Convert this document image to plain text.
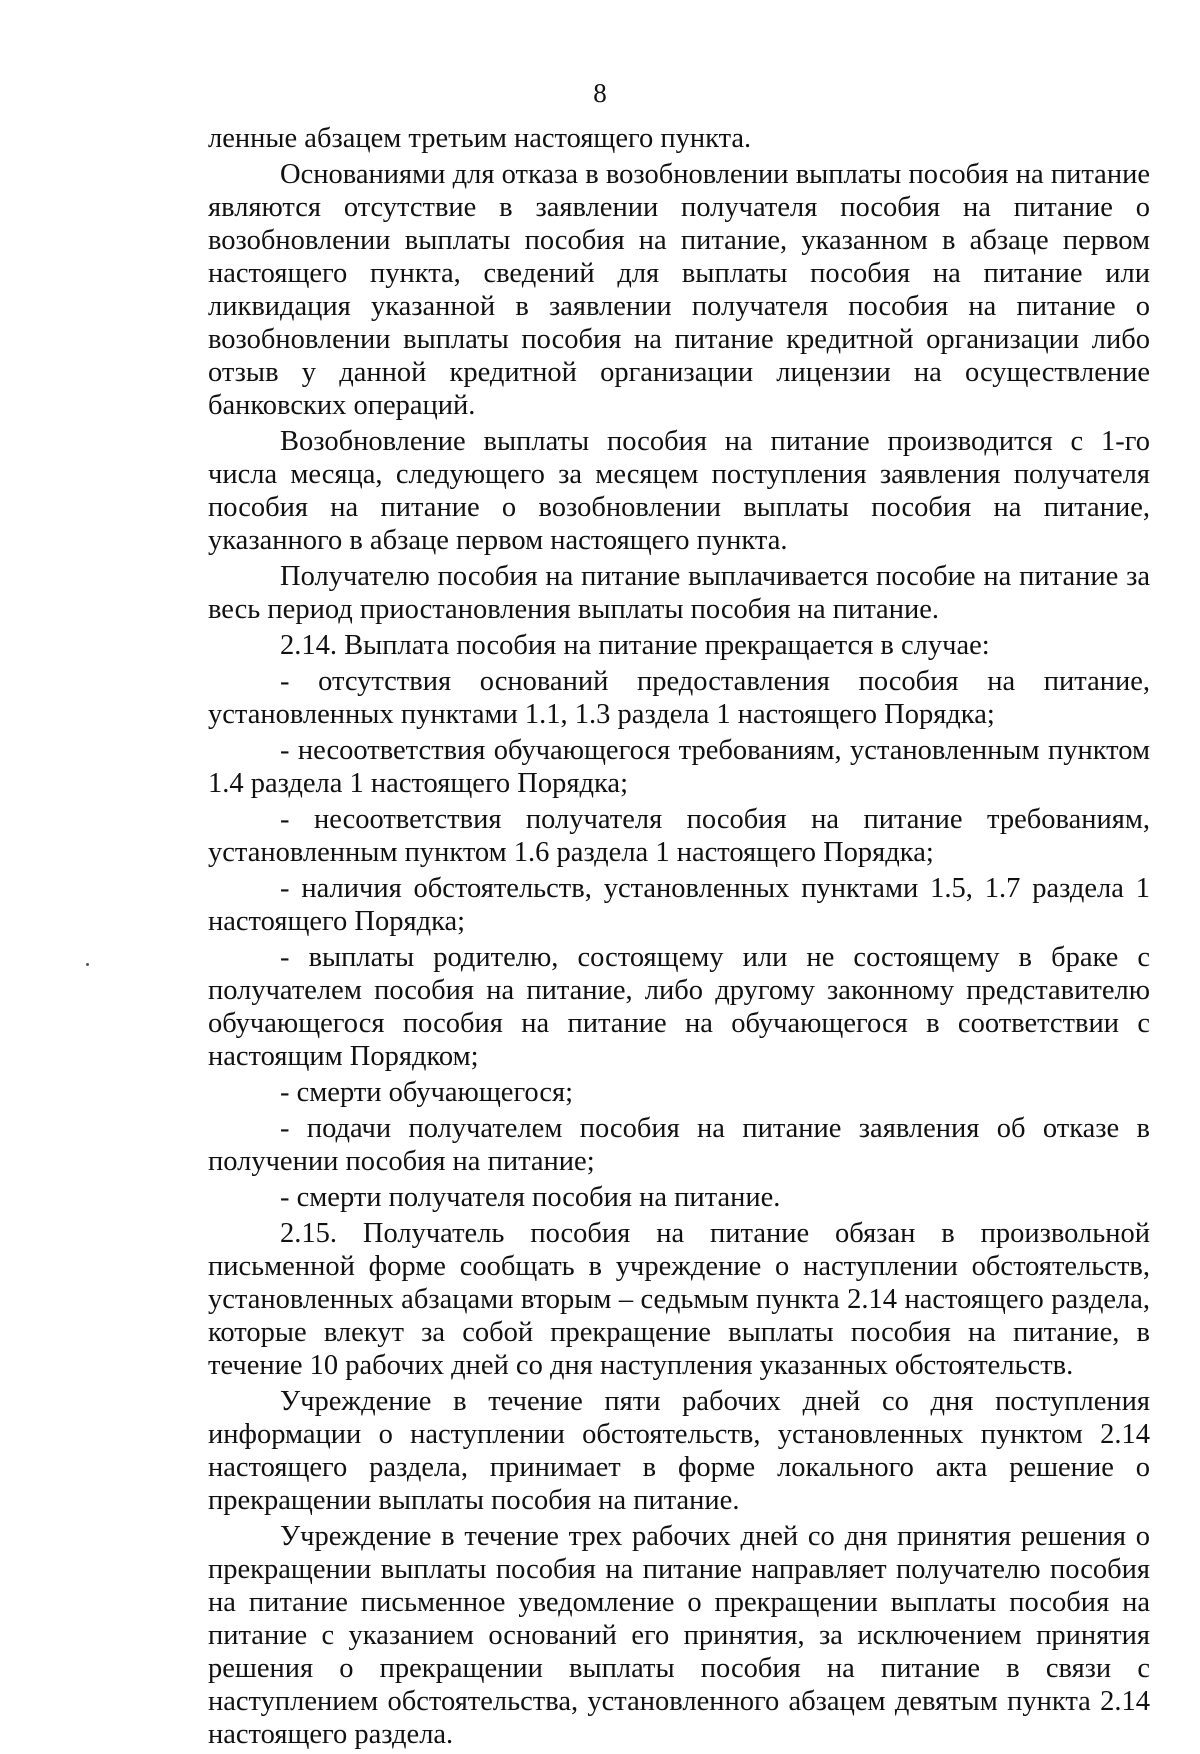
8

ленные абзацем третьим настоящего пункта.

Основаниями для отказа в возобновлении выплаты пособия на питание являются отсутствие в заявлении получателя пособия на питание о возобновлении выплаты пособия на питание, указанном в абзаце первом настоящего пункта, сведений для выплаты пособия на питание или ликвидация указанной в заявлении получателя пособия на питание о возобновлении выплаты пособия на питание кредитной организации либо отзыв у данной кредитной организации лицензии на осуществление банковских операций.

Возобновление выплаты пособия на питание производится с 1-го числа месяца, следующего за месяцем поступления заявления получателя пособия на питание о возобновлении выплаты пособия на питание, указанного в абзаце первом настоящего пункта.

Получателю пособия на питание выплачивается пособие на питание за весь период приостановления выплаты пособия на питание.

2.14. Выплата пособия на питание прекращается в случае:

- отсутствия оснований предоставления пособия на питание, установленных пунктами 1.1, 1.3 раздела 1 настоящего Порядка;

- несоответствия обучающегося требованиям, установленным пунктом 1.4 раздела 1 настоящего Порядка;

- несоответствия получателя пособия на питание требованиям, установленным пунктом 1.6 раздела 1 настоящего Порядка;

- наличия обстоятельств, установленных пунктами 1.5, 1.7 раздела 1 настоящего Порядка;

- выплаты родителю, состоящему или не состоящему в браке с получателем пособия на питание, либо другому законному представителю обучающегося пособия на питание на обучающегося в соответствии с настоящим Порядком;

- смерти обучающегося;

- подачи получателем пособия на питание заявления об отказе в получении пособия на питание;

- смерти получателя пособия на питание.

2.15. Получатель пособия на питание обязан в произвольной письменной форме сообщать в учреждение о наступлении обстоятельств, установленных абзацами вторым – седьмым пункта 2.14 настоящего раздела, которые влекут за собой прекращение выплаты пособия на питание, в течение 10 рабочих дней со дня наступления указанных обстоятельств.

Учреждение в течение пяти рабочих дней со дня поступления информации о наступлении обстоятельств, установленных пунктом 2.14 настоящего раздела, принимает в форме локального акта решение о прекращении выплаты пособия на питание.

Учреждение в течение трех рабочих дней со дня принятия решения о прекращении выплаты пособия на питание направляет получателю пособия на питание письменное уведомление о прекращении выплаты пособия на питание с указанием оснований его принятия, за исключением принятия решения о прекращении выплаты пособия на питание в связи с наступлением обстоятельства, установленного абзацем девятым пункта 2.14 настоящего раздела.
